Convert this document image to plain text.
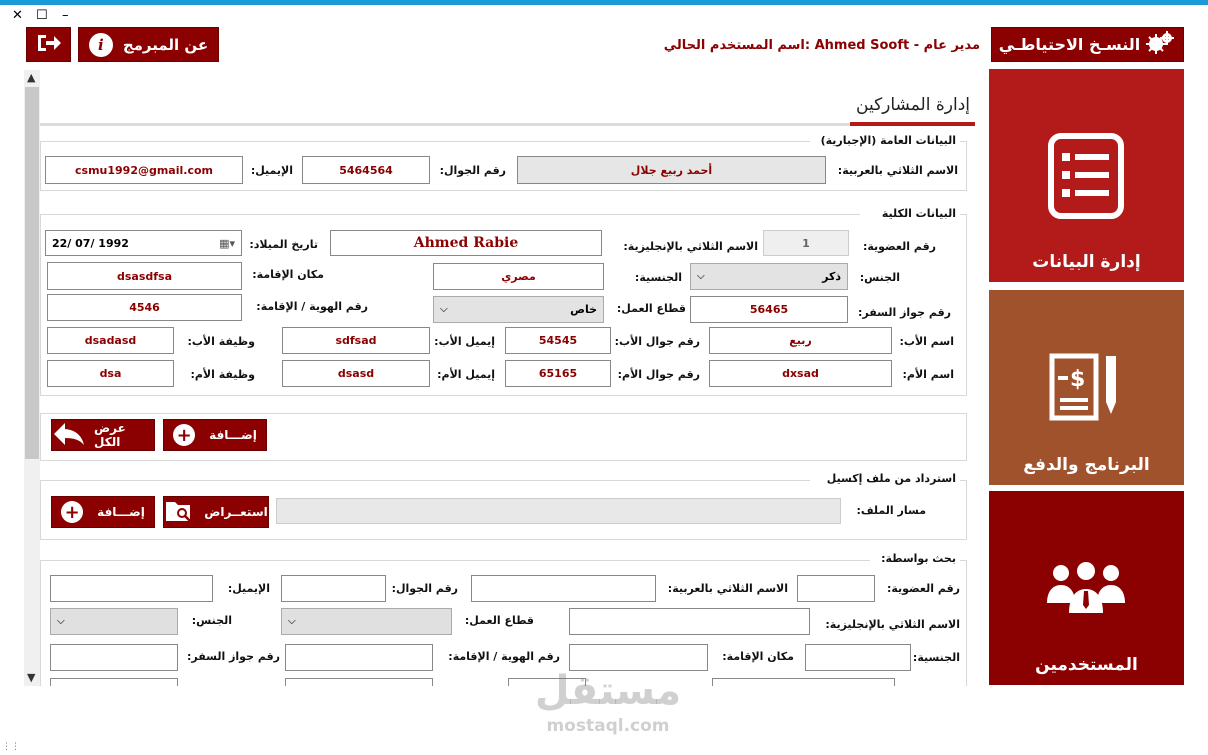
✕ ☐ –
النسـخ الاحتياطـي
اسم المستخدم الحالي: Ahmed Sooft - مدير عام
i	عن المبرمج
إدارة البيانات
$
البرنامج والدفع
المستخدمين
▲
▼
إدارة المشاركين
البيانات العامة (الإجبارية)
الاسم الثلاثي بالعربية:
أحمد ربيع جلال
رقم الجوال:
5464564
الإيميل:
csmu1992@gmail.com
البيانات الكلية
رقم العضوية:
1
الاسم الثلاثي بالإنجليزية:
Ahmed Rabie
تاريخ الميلاد:
22/ 07/ 1992	▦▾
الجنس:
ذكر
⌵
الجنسية:
مصري
مكان الإقامة:
dsasdfsa
رقم جواز السفر:
56465
قطاع العمل:
خاص
⌵
رقم الهوية / الإقامة:
4546
اسم الأب:
ربيع
رقم جوال الأب:
54545
إيميل الأب:
sdfsad
وظيفة الأب:
dsadasd
اسم الأم:
dxsad
رقم جوال الأم:
65165
إيميل الأم:
dsasd
وظيفة الأم:
dsa
+ إضـــافة
عرض الكل
استرداد من ملف إكسيل
مسار الملف:
استعــراض
+ إضـــافة
بحث بواسطة:
رقم العضوية:
الاسم الثلاثي بالعربية:
رقم الجوال:
الإيميل:
الاسم الثلاثي بالإنجليزية:
قطاع العمل:
⌵
الجنس:
⌵
الجنسية:
مكان الإقامة:
رقم الهوية / الإقامة:
رقم جواز السفر:
مستقل
mostaql.com
⋮⋮
